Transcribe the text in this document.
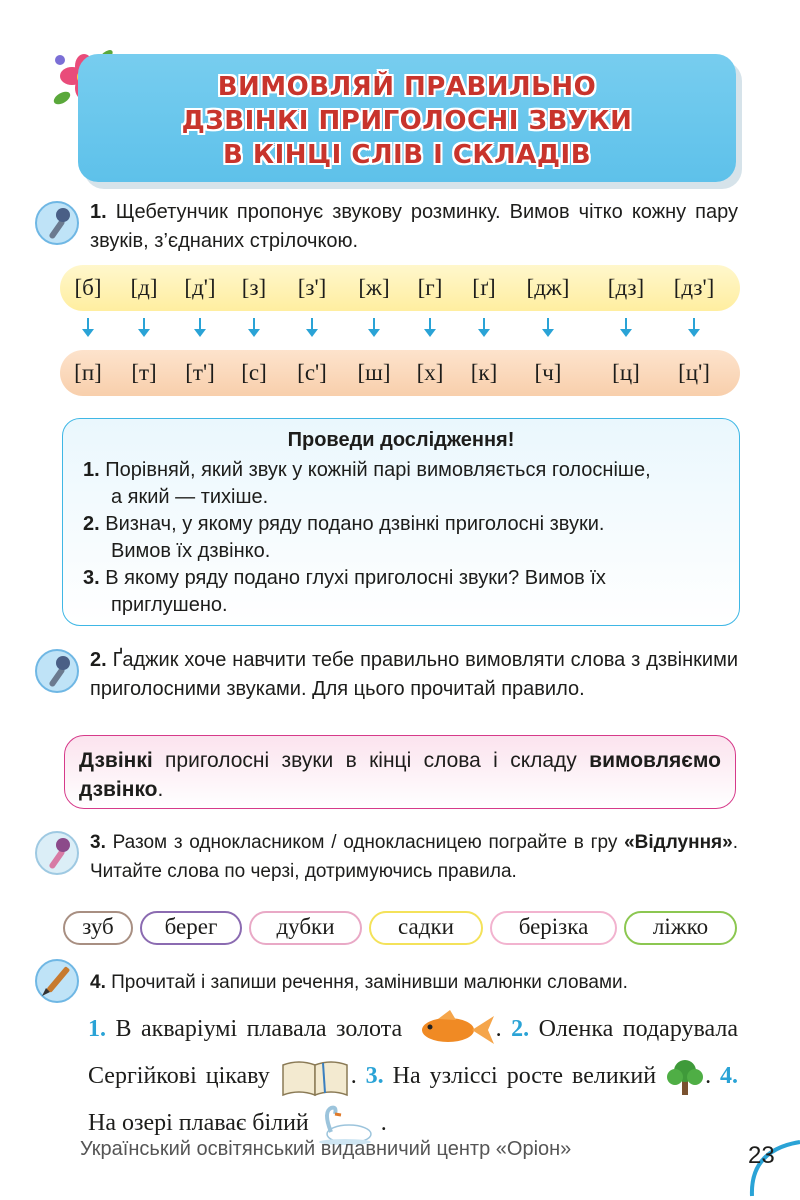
ВИМОВЛЯЙ ПРАВИЛЬНО
ДЗВІНКІ ПРИГОЛОСНІ ЗВУКИ
В КІНЦІ СЛІВ І СКЛАДІВ
1. Щебетунчик пропонує звукову розминку. Вимов чітко кожну пару звуків, з’єднаних стрілочкою.
[б] [д] [д'] [з] [з'] [ж] [г] [ґ] [дж] [дз] [дз']
[п] [т] [т'] [с] [с'] [ш] [х] [к] [ч] [ц] [ц']
Проведи дослідження!
1. Порівняй, який звук у кожній парі вимовляється голосніше,
а який — тихіше.
2. Визнач, у якому ряду подано дзвінкі приголосні звуки.
Вимов їх дзвінко.
3. В якому ряду подано глухі приголосні звуки? Вимов їх
приглушено.
2. Ґаджик хоче навчити тебе правильно вимовляти слова з дзвінкими приголосними звуками. Для цього прочитай правило.
Дзвінкі приголосні звуки в кінці слова і складу вимовляємо дзвінко.
3. Разом з однокласником / однокласницею пограйте в гру «Відлуння». Читайте слова по черзі, дотримуючись правила.
зуб	берег	дубки	садки	берізка	ліжко
4. Прочитай і запиши речення, замінивши малюнки словами.
1. В акваріумі плавала золота	. 2. Оленка подарувала Сергійкові цікаву	. 3. На узліссі росте великий . 4. На озері плаває білий	.
Український освітянський видавничий центр «Оріон»	23
